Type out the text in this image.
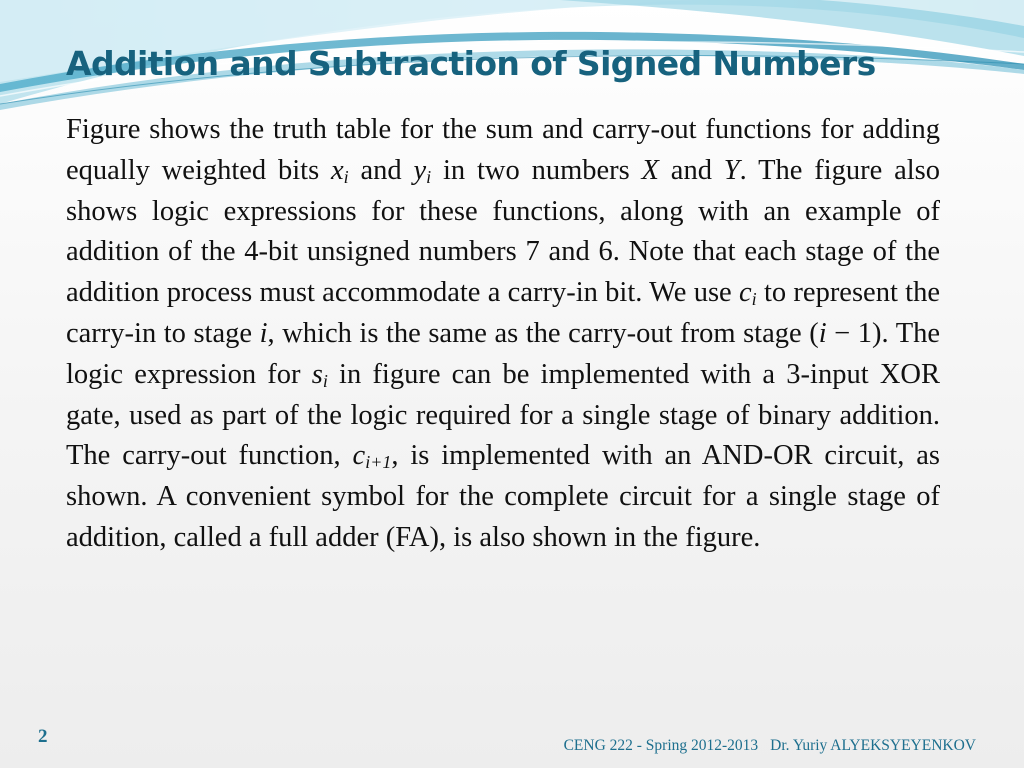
Addition and Subtraction of Signed Numbers

Figure shows the truth table for the sum and carry-out functions for adding equally weighted bits $x_i$ and $y_i$ in two numbers X and Y. The figure also shows logic expressions for these functions, along with an example of addition of the 4-bit unsigned numbers 7 and 6. Note that each stage of the addition process must accommodate a carry-in bit. We use $c_i$ to represent the carry-in to stage i, which is the same as the carry-out from stage (i − 1). The logic expression for $s_i$ in figure can be implemented with a 3-input XOR gate, used as part of the logic required for a single stage of binary addition. The carry-out function, $c_{i+1}$, is implemented with an AND-OR circuit, as shown. A convenient symbol for the complete circuit for a single stage of addition, called a full adder (FA), is also shown in the figure.

2	CENG 222 - Spring 2012-2013 Dr. Yuriy ALYEKSYEYENKOV
